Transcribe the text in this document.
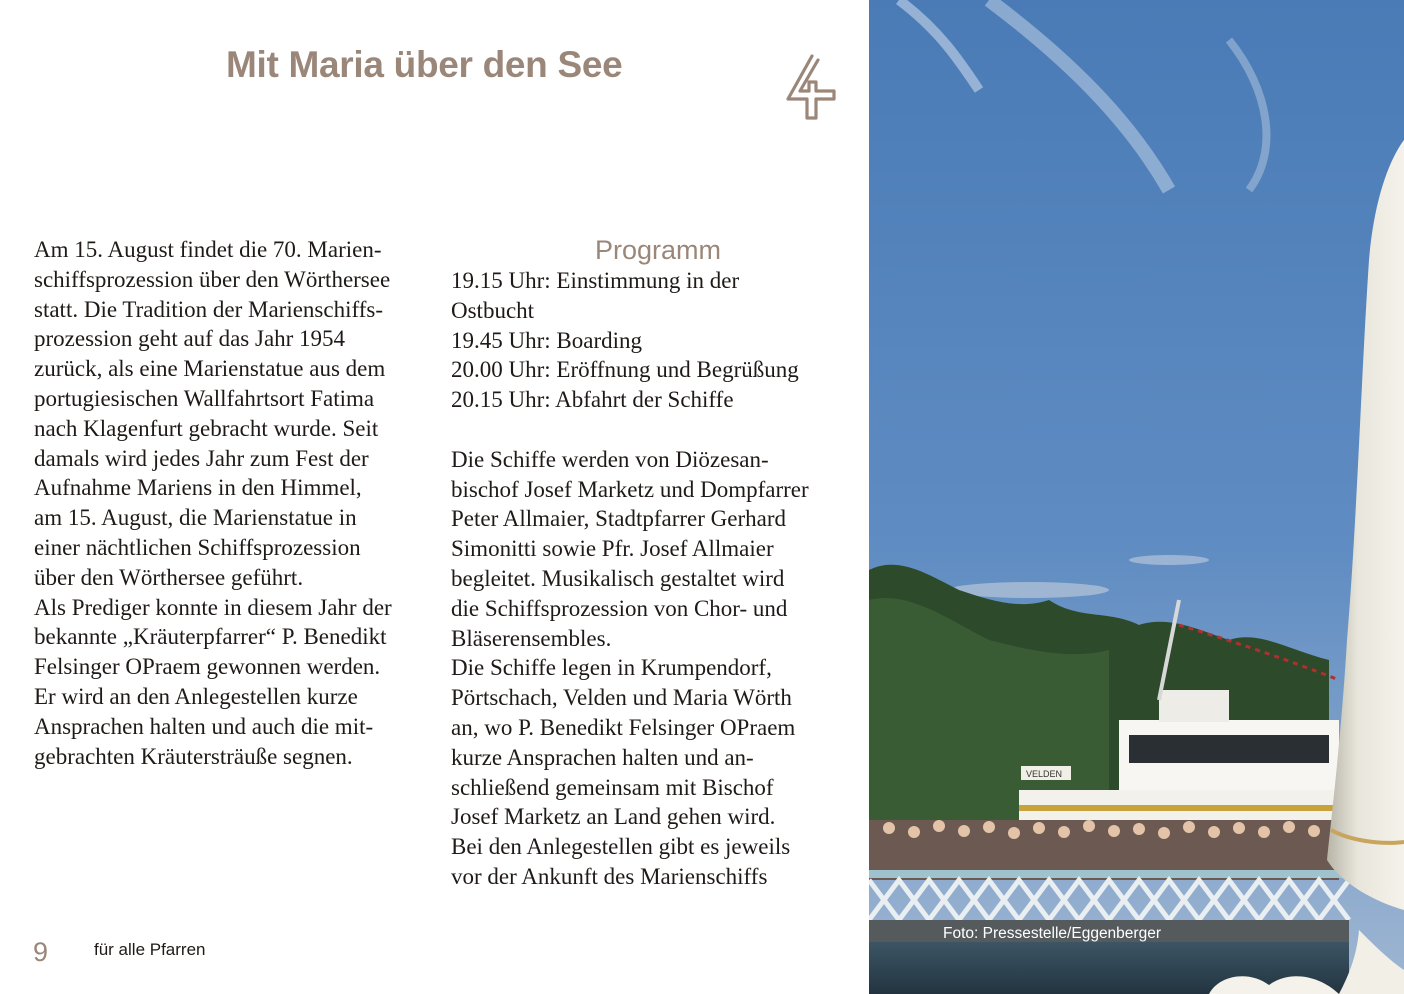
Mit Maria über den See

Am 15. August findet die 70. Marien-
schiffsprozession über den Wörthersee
statt. Die Tradition der Marienschiffs-
prozession geht auf das Jahr 1954
zurück, als eine Marienstatue aus dem
portugiesischen Wallfahrtsort Fatima
nach Klagenfurt gebracht wurde. Seit
damals wird jedes Jahr zum Fest der
Aufnahme Mariens in den Himmel,
am 15. August, die Marienstatue in
einer nächtlichen Schiffsprozession
über den Wörthersee geführt.

Als Prediger konnte in diesem Jahr der
bekannte „Kräuterpfarrer“ P. Benedikt
Felsinger OPraem gewonnen werden.
Er wird an den Anlegestellen kurze
Ansprachen halten und auch die mit-
gebrachten Kräutersträuße segnen.

Programm

19.15 Uhr: Einstimmung in der
Ostbucht

19.45 Uhr: Boarding

20.00 Uhr: Eröffnung und Begrüßung

20.15 Uhr: Abfahrt der Schiffe

Die Schiffe werden von Diözesan-
bischof Josef Marketz und Dompfarrer
Peter Allmaier, Stadtpfarrer Gerhard
Simonitti sowie Pfr. Josef Allmaier
begleitet. Musikalisch gestaltet wird
die Schiffsprozession von Chor- und
Bläserensembles.

Die Schiffe legen in Krumpendorf,
Pörtschach, Velden und Maria Wörth
an, wo P. Benedikt Felsinger OPraem
kurze Ansprachen halten und an-
schließend gemeinsam mit Bischof
Josef Marketz an Land gehen wird.
Bei den Anlegestellen gibt es jeweils
vor der Ankunft des Marienschiffs

9	für alle Pfarren
VELDEN
Foto: Pressestelle/Eggenberger
